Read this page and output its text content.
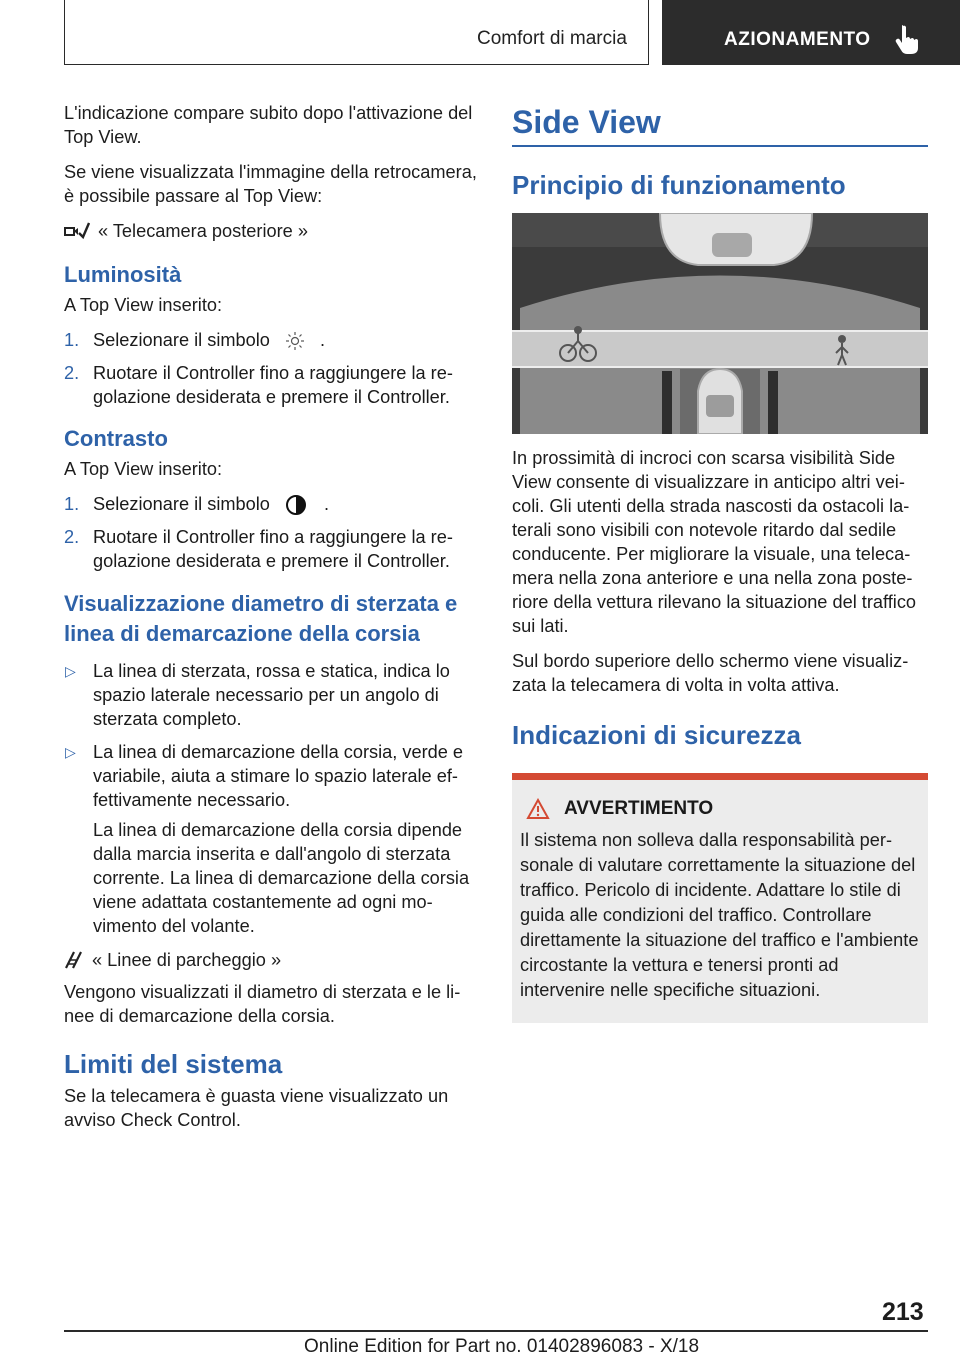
Comfort di marcia	AZIONAMENTO

L'indicazione compare subito dopo l'attivazione del Top View.

Se viene visualizzata l'immagine della retrocamera, è possibile passare al Top View:

« Telecamera posteriore »
Luminosità

A Top View inserito:

1. Selezionare il simbolo	.
2. Ruotare il Controller fino a raggiungere la regolazione desiderata e premere il Controller.
Contrasto

A Top View inserito:

1. Selezionare il simbolo	.
2. Ruotare il Controller fino a raggiungere la regolazione desiderata e premere il Controller.
Visualizzazione diametro di sterzata e linea di demarcazione della corsia
▷ La linea di sterzata, rossa e statica, indica lo spazio laterale necessario per un angolo di sterzata completo.
▷ La linea di demarcazione della corsia, verde e variabile, aiuta a stimare lo spazio laterale effettivamente necessario.

La linea di demarcazione della corsia dipende dalla marcia inserita e dall'angolo di sterzata corrente. La linea di demarcazione della corsia viene adattata costantemente ad ogni movimento del volante.

« Linee di parcheggio »

Vengono visualizzati il diametro di sterzata e le linee di demarcazione della corsia.

Limiti del sistema

Se la telecamera è guasta viene visualizzato un avviso Check Control.

Side View
Principio di funzionamento

In prossimità di incroci con scarsa visibilità Side View consente di visualizzare in anticipo altri veicoli. Gli utenti della strada nascosti da ostacoli laterali sono visibili con notevole ritardo dal sedile conducente. Per migliorare la visuale, una telecamera nella zona anteriore e una nella zona posteriore della vettura rilevano la situazione del traffico sui lati.

Sul bordo superiore dello schermo viene visualizzata la telecamera di volta in volta attiva.

Indicazioni di sicurezza
AVVERTIMENTO
Il sistema non solleva dalla responsabilità personale di valutare correttamente la situazione del traffico. Pericolo di incidente. Adattare lo stile di guida alle condizioni del traffico. Controllare direttamente la situazione del traffico e l'ambiente circostante la vettura e tenersi pronti ad intervenire nelle specifiche situazioni.
213
Online Edition for Part no. 01402896083 - X/18
